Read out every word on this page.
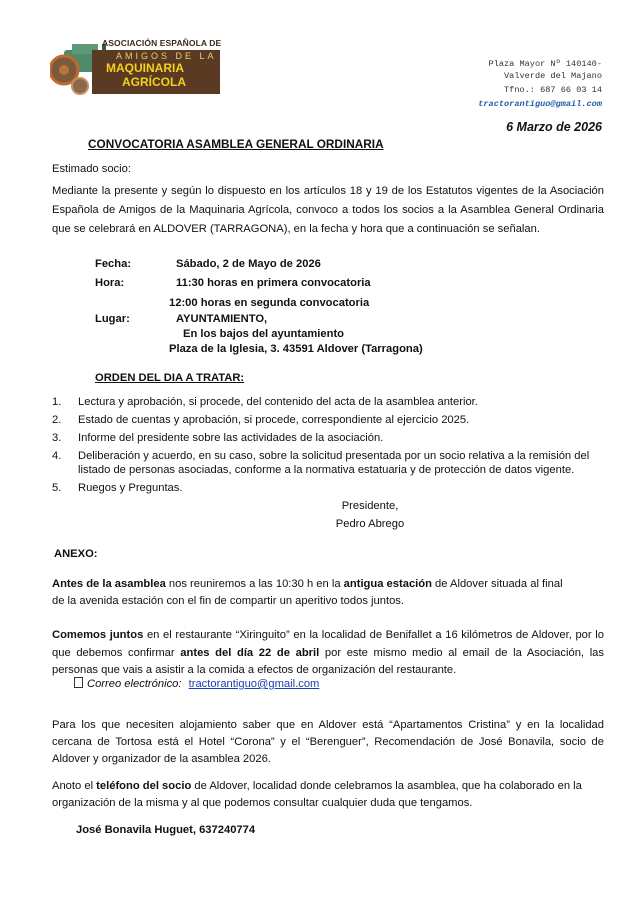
ASOCIACIÓN ESPAÑOLA DE
AMIGOS DE LA
MAQUINARIA
AGRÍCOLA
Plaza Mayor Nº 140140-
Valverde del Majano
Tfno.: 687 66 03 14
tractorantiguo@gmail.com
6 Marzo de 2026
CONVOCATORIA ASAMBLEA GENERAL ORDINARIA
Estimado socio:
Mediante la presente y según lo dispuesto en los artículos 18 y 19 de los Estatutos vigentes de la Asociación Española de Amigos de la Maquinaria Agrícola, convoco a todos los socios a la Asamblea General Ordinaria que se celebrará en ALDOVER (TARRAGONA), en la fecha y hora que a continuación se señalan.
Fecha:	Sábado, 2 de Mayo de 2026
Hora:	11:30 horas en primera convocatoria
12:00 horas en segunda convocatoria
Lugar:	AYUNTAMIENTO,
En los bajos del ayuntamiento
Plaza de la Iglesia, 3. 43591 Aldover (Tarragona)
ORDEN DEL DIA A TRATAR:
1. Lectura y aprobación, si procede, del contenido del acta de la asamblea anterior.
2. Estado de cuentas y aprobación, si procede, correspondiente al ejercicio 2025.
3. Informe del presidente sobre las actividades de la asociación.
4. Deliberación y acuerdo, en su caso, sobre la solicitud presentada por un socio relativa a la remisión del listado de personas asociadas, conforme a la normativa estatuaria y de protección de datos vigente.
5. Ruegos y Preguntas.
Presidente,
Pedro Abrego
ANEXO:
Antes de la asamblea nos reuniremos a las 10:30 h en la antigua estación de Aldover situada al final
de la avenida estación con el fin de compartir un aperitivo todos juntos.
Comemos juntos en el restaurante “Xiringuito” en la localidad de Benifallet a 16 kilómetros de Aldover, por lo que debemos confirmar antes del día 22 de abril por este mismo medio al email de la Asociación, las personas que vais a asistir a la comida a efectos de organización del restaurante.
Correo electrónico: tractorantiguo@gmail.com
Para los que necesiten alojamiento saber que en Aldover está “Apartamentos Cristina” y en la localidad cercana de Tortosa está el Hotel “Corona” y el “Berenguer”, Recomendación de José Bonavila, socio de Aldover y organizador de la asamblea 2026.
Anoto el teléfono del socio de Aldover, localidad donde celebramos la asamblea, que ha colaborado en la organización de la misma y al que podemos consultar cualquier duda que tengamos.
José Bonavila Huguet, 637240774
